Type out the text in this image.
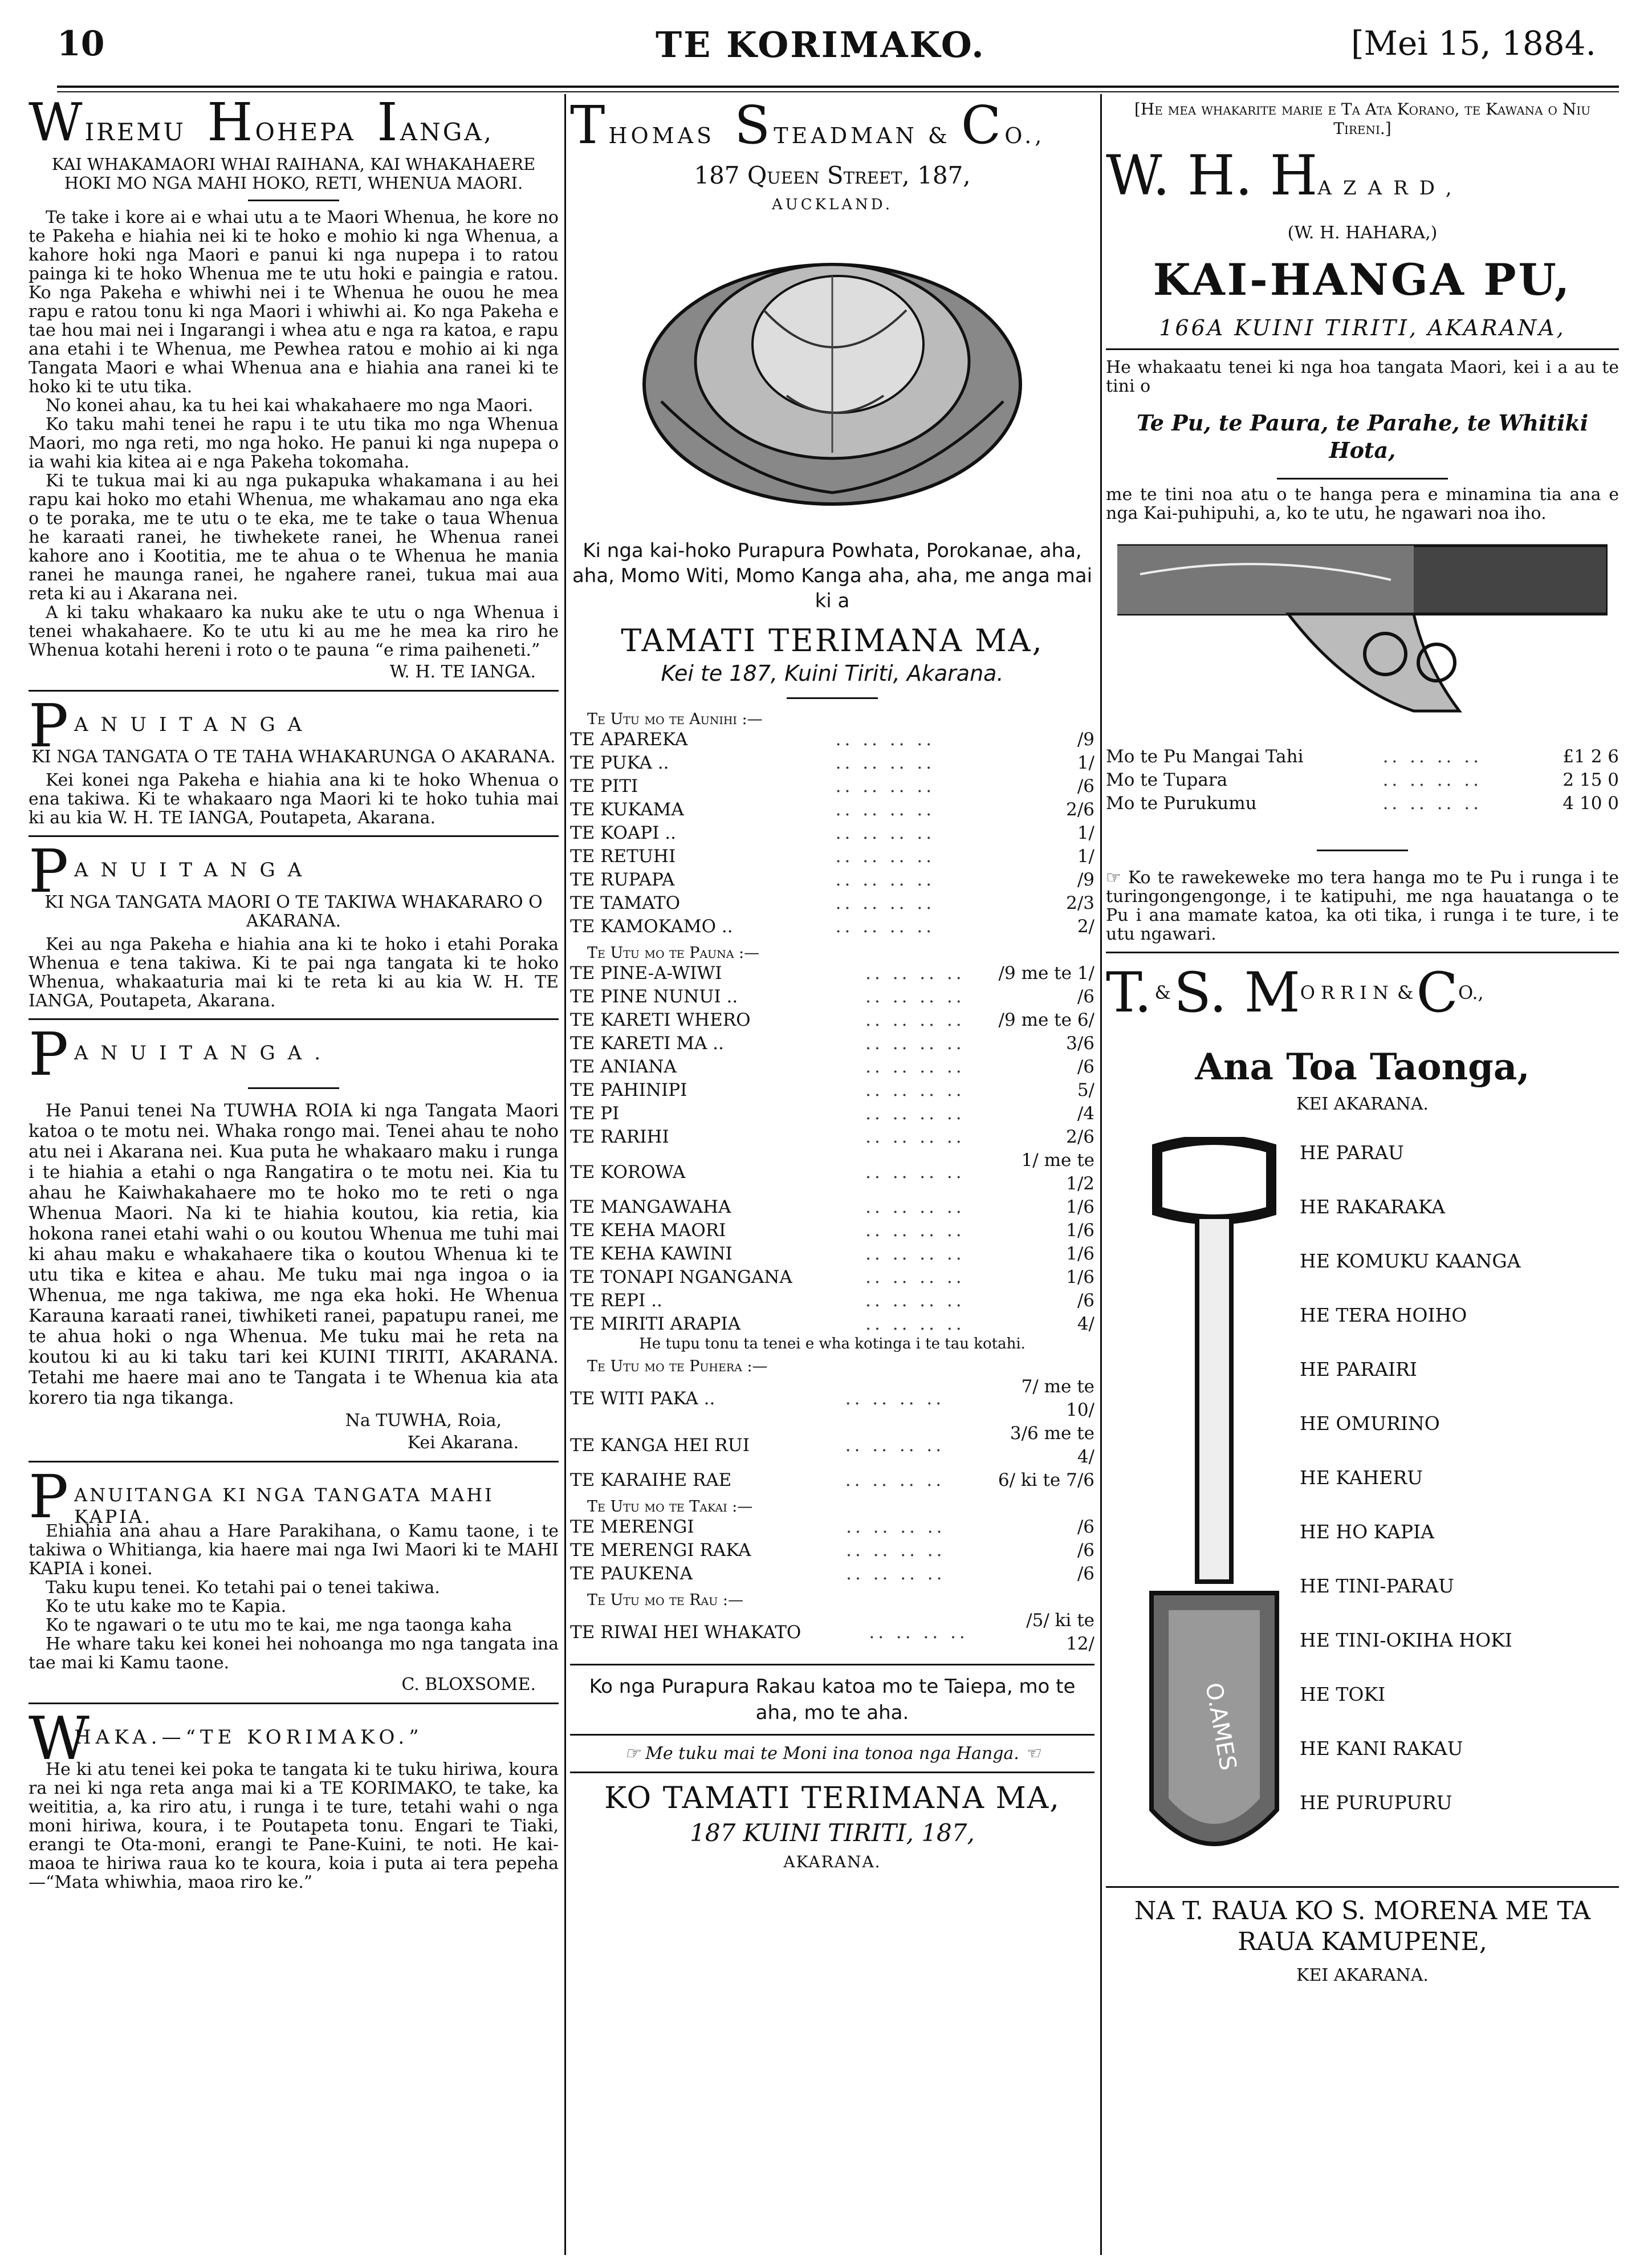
10	TE KORIMAKO.	[Mei 15, 1884.
WIREMU HOHEPA IANGA,

KAI WHAKAMAORI WHAI RAIHANA, KAI WHAKAHAERE HOKI MO NGA MAHI HOKO, RETI, WHENUA MAORI.

Te take i kore ai e whai utu a te Maori Whenua, he kore no te Pakeha e hiahia nei ki te hoko e mohio ki nga Whenua, a kahore hoki nga Maori e panui ki nga nupepa i to ratou painga ki te hoko Whenua me te utu hoki e paingia e ratou. Ko nga Pakeha e whiwhi nei i te Whenua he ouou he mea rapu e ratou tonu ki nga Maori i whiwhi ai. Ko nga Pakeha e tae hou mai nei i Ingarangi i whea atu e nga ra katoa, e rapu ana etahi i te Whenua, me Pewhea ratou e mohio ai ki nga Tangata Maori e whai Whenua ana e hiahia ana ranei ki te hoko ki te utu tika.

No konei ahau, ka tu hei kai whakahaere mo nga Maori.

Ko taku mahi tenei he rapu i te utu tika mo nga Whenua Maori, mo nga reti, mo nga hoko. He panui ki nga nupepa o ia wahi kia kitea ai e nga Pakeha tokomaha.

Ki te tukua mai ki au nga pukapuka whakamana i au hei rapu kai hoko mo etahi Whenua, me whakamau ano nga eka o te poraka, me te utu o te eka, me te take o taua Whenua he karaati ranei, he tiwhekete ranei, he Whenua ranei kahore ano i Kootitia, me te ahua o te Whenua he mania ranei he maunga ranei, he ngahere ranei, tukua mai aua reta ki au i Akarana nei.

A ki taku whakaaro ka nuku ake te utu o nga Whenua i tenei whakahaere. Ko te utu ki au me he mea ka riro he Whenua kotahi hereni i roto o te pauna “e rima paiheneti.”

W. H. TE IANGA.

P ANUITANGA

KI NGA TANGATA O TE TAHA WHAKARUNGA O AKARANA.

Kei konei nga Pakeha e hiahia ana ki te hoko Whenua o ena takiwa. Ki te whakaaro nga Maori ki te hoko tuhia mai ki au kia W. H. TE IANGA, Poutapeta, Akarana.

P ANUITANGA

KI NGA TANGATA MAORI O TE TAKIWA WHAKARARO O AKARANA.

Kei au nga Pakeha e hiahia ana ki te hoko i etahi Poraka Whenua e tena takiwa. Ki te pai nga tangata ki te hoko Whenua, whakaaturia mai ki te reta ki au kia W. H. TE IANGA, Poutapeta, Akarana.

P ANUITANGA.

He Panui tenei Na TUWHA ROIA ki nga Tangata Maori katoa o te motu nei. Whaka rongo mai. Tenei ahau te noho atu nei i Akarana nei. Kua puta he whakaaro maku i runga i te hiahia a etahi o nga Rangatira o te motu nei. Kia tu ahau he Kaiwhakahaere mo te hoko mo te reti o nga Whenua Maori. Na ki te hiahia koutou, kia retia, kia hokona ranei etahi wahi o ou koutou Whenua me tuhi mai ki ahau maku e whakahaere tika o koutou Whenua ki te utu tika e kitea e ahau. Me tuku mai nga ingoa o ia Whenua, me nga takiwa, me nga eka hoki. He Whenua Karauna karaati ranei, tiwhiketi ranei, papatupu ranei, me te ahua hoki o nga Whenua. Me tuku mai he reta na koutou ki au ki taku tari kei KUINI TIRITI, AKARANA. Tetahi me haere mai ano te Tangata i te Whenua kia ata korero tia nga tikanga.

Na TUWHA, Roia,

Kei Akarana.

P ANUITANGA KI NGA TANGATA MAHI KAPIA.

Ehiahia ana ahau a Hare Parakihana, o Kamu taone, i te takiwa o Whitianga, kia haere mai nga Iwi Maori ki te MAHI KAPIA i konei.

Taku kupu tenei. Ko tetahi pai o tenei takiwa.

Ko te utu kake mo te Kapia.

Ko te ngawari o te utu mo te kai, me nga taonga kaha

He whare taku kei konei hei nohoanga mo nga tangata ina tae mai ki Kamu taone.

C. BLOXSOME.

W
HAKA.—“TE KORIMAKO.”

He ki atu tenei kei poka te tangata ki te tuku hiriwa, koura ra nei ki nga reta anga mai ki a TE KORIMAKO, te take, ka weititia, a, ka riro atu, i runga i te ture, tetahi wahi o nga moni hiriwa, koura, i te Poutapeta tonu. Engari te Tiaki, erangi te Ota-moni, erangi te Pane-Kuini, te noti. He kai-maoa te hiriwa raua ko te koura, koia i puta ai tera pepeha—“Mata whiwhia, maoa riro ke.”

THOMAS STEADMAN & CO.,

187 Queen Street, 187,

AUCKLAND.

Ki nga kai-hoko Purapura Powhata, Porokanae, aha, aha, Momo Witi, Momo Kanga aha, aha, me anga mai ki a

TAMATI TERIMANA MA,

Kei te 187, Kuini Tiriti, Akarana.

Te Utu mo te Aunihi :—

TE APAREKA	.. .. .. ..	/9
TE PUKA ..	.. .. .. ..	1/
TE PITI	.. .. .. ..	/6
TE KUKAMA	.. .. .. ..	2/6
TE KOAPI ..	.. .. .. ..	1/
TE RETUHI	.. .. .. ..	1/
TE RUPAPA	.. .. .. ..	/9
TE TAMATO	.. .. .. ..	2/3
TE KAMOKAMO ..	.. .. .. ..	2/

Te Utu mo te Pauna :—

TE PINE-A-WIWI	.. .. .. ..	/9 me te 1/
TE PINE NUNUI ..	.. .. .. ..	/6
TE KARETI WHERO	.. .. .. ..	/9 me te 6/
TE KARETI MA ..	.. .. .. ..	3/6
TE ANIANA	.. .. .. ..	/6
TE PAHINIPI	.. .. .. ..	5/
TE PI	.. .. .. ..	/4
TE RARIHI	.. .. .. ..	2/6
TE KOROWA	.. .. .. ..	1/ me te 1/2
TE MANGAWAHA	.. .. .. ..	1/6
TE KEHA MAORI	.. .. .. ..	1/6
TE KEHA KAWINI	.. .. .. ..	1/6
TE TONAPI NGANGANA	.. .. .. ..	1/6
TE REPI ..	.. .. .. ..	/6
TE MIRITI ARAPIA	.. .. .. ..	4/

He tupu tonu ta tenei e wha kotinga i te tau kotahi.

Te Utu mo te Puhera :—

TE WITI PAKA ..	.. .. .. ..	7/ me te 10/
TE KANGA HEI RUI	.. .. .. ..	3/6 me te 4/
TE KARAIHE RAE	.. .. .. ..	6/ ki te 7/6

Te Utu mo te Takai :—

TE MERENGI	.. .. .. ..	/6
TE MERENGI RAKA	.. .. .. ..	/6
TE PAUKENA	.. .. .. ..	/6

Te Utu mo te Rau :—

TE RIWAI HEI WHAKATO	.. .. .. ..	/5/ ki te 12/

Ko nga Purapura Rakau katoa mo te Taiepa, mo te aha, mo te aha.

☞ Me tuku mai te Moni ina tonoa nga Hanga. ☜

KO TAMATI TERIMANA MA,

187 KUINI TIRITI, 187,

AKARANA.

[He mea whakarite marie e Ta Ata Korano, te Kawana o Niu Tireni.]

W. H. HAZARD,

(W. H. HAHARA,)

KAI-HANGA PU,

166A KUINI TIRITI, AKARANA,

He whakaatu tenei ki nga hoa tangata Maori, kei i a au te tini o

Te Pu, te Paura, te Parahe, te Whitiki Hota,

me te tini noa atu o te hanga pera e minamina tia ana e nga Kai-puhipuhi, a, ko te utu, he ngawari noa iho.

Mo te Pu Mangai Tahi	.. .. .. ..	£1 2 6
Mo te Tupara	.. .. .. ..	2 15 0
Mo te Purukumu	.. .. .. ..	4 10 0

☞ Ko te rawekeweke mo tera hanga mo te Pu i runga i te turingongengonge, i te katipuhi, me nga hauatanga o te Pu i ana mamate katoa, ka oti tika, i runga i te ture, i te utu ngawari.

T. & S. MORRIN & CO.,

Ana Toa Taonga,

KEI AKARANA.

O.AMES
HE PARAU
HE RAKARAKA
HE KOMUKU KAANGA
HE TERA HOIHO
HE PARAIRI
HE OMURINO
HE KAHERU
HE HO KAPIA
HE TINI-PARAU
HE TINI-OKIHA HOKI
HE TOKI
HE KANI RAKAU
HE PURUPURU

NA T. RAUA KO S. MORENA ME TA RAUA KAMUPENE,

KEI AKARANA.
